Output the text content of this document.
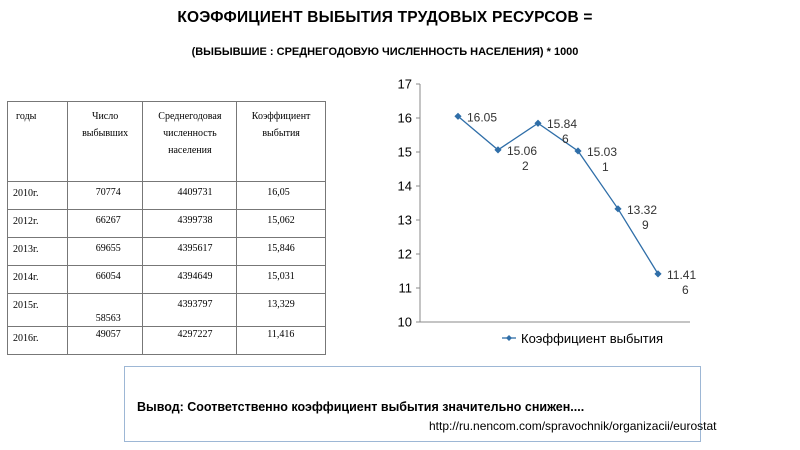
КОЭФФИЦИЕНТ ВЫБЫТИЯ ТРУДОВЫХ РЕСУРСОВ =
(ВЫБЫВШИЕ : СРЕДНЕГОДОВУЮ ЧИСЛЕННОСТЬ НАСЕЛЕНИЯ) * 1000
годы	Число выбывших	Среднегодовая численность населения	Коэффициент выбытия
2010г.	70774	4409731	16,05
2012г.	66267	4399738	15,062
2013г.	69655	4395617	15,846
2014г.	66054	4394649	15,031
2015г.	58563	4393797	13,329
2016г.	49057	4297227	11,416
10
11
12
13
14
15
16
17
16.05
15.06 2
15.84 6
15.03 1
13.32 9
11.41 6
Коэффициент выбытия
Вывод: Соответственно коэффициент выбытия значительно снижен....
http://ru.nencom.com/spravochnik/organizacii/eurostat
